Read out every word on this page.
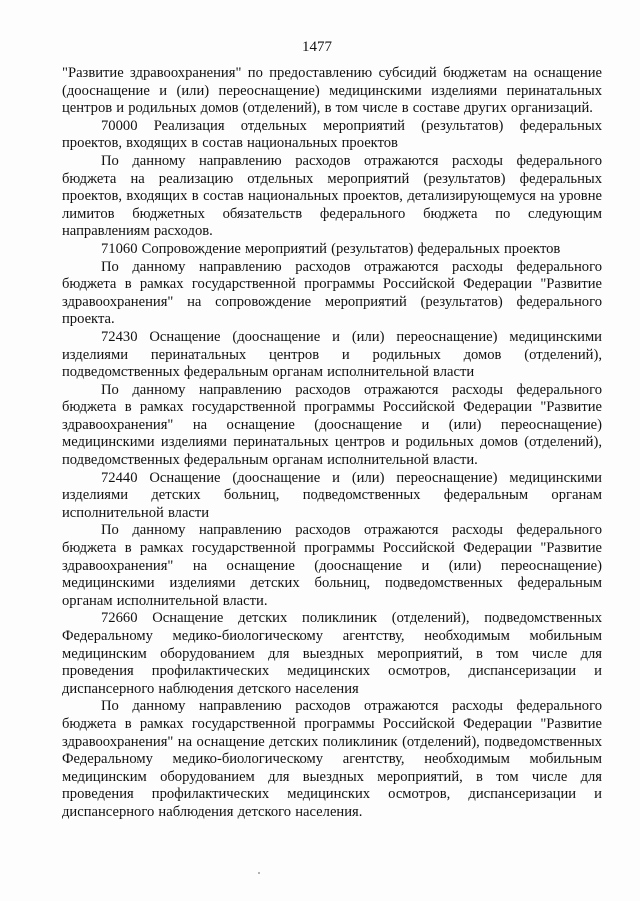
1477

"Развитие здравоохранения" по предоставлению субсидий бюджетам на оснащение (дооснащение и (или) переоснащение) медицинскими изделиями перинатальных центров и родильных домов (отделений), в том числе в составе других организаций.

70000 Реализация отдельных мероприятий (результатов) федеральных проектов, входящих в состав национальных проектов

По данному направлению расходов отражаются расходы федерального бюджета на реализацию отдельных мероприятий (результатов) федеральных проектов, входящих в состав национальных проектов, детализирующемуся на уровне лимитов бюджетных обязательств федерального бюджета по следующим направлениям расходов.

71060 Сопровождение мероприятий (результатов) федеральных проектов

По данному направлению расходов отражаются расходы федерального бюджета в рамках государственной программы Российской Федерации "Развитие здравоохранения" на сопровождение мероприятий (результатов) федерального проекта.

72430 Оснащение (дооснащение и (или) переоснащение) медицинскими изделиями перинатальных центров и родильных домов (отделений), подведомственных федеральным органам исполнительной власти

По данному направлению расходов отражаются расходы федерального бюджета в рамках государственной программы Российской Федерации "Развитие здравоохранения" на оснащение (дооснащение и (или) переоснащение) медицинскими изделиями перинатальных центров и родильных домов (отделений), подведомственных федеральным органам исполнительной власти.

72440 Оснащение (дооснащение и (или) переоснащение) медицинскими изделиями детских больниц, подведомственных федеральным органам исполнительной власти

По данному направлению расходов отражаются расходы федерального бюджета в рамках государственной программы Российской Федерации "Развитие здравоохранения" на оснащение (дооснащение и (или) переоснащение) медицинскими изделиями детских больниц, подведомственных федеральным органам исполнительной власти.

72660 Оснащение детских поликлиник (отделений), подведомственных Федеральному медико-биологическому агентству, необходимым мобильным медицинским оборудованием для выездных мероприятий, в том числе для проведения профилактических медицинских осмотров, диспансеризации и диспансерного наблюдения детского населения

По данному направлению расходов отражаются расходы федерального бюджета в рамках государственной программы Российской Федерации "Развитие здравоохранения" на оснащение детских поликлиник (отделений), подведомственных Федеральному медико-биологическому агентству, необходимым мобильным медицинским оборудованием для выездных мероприятий, в том числе для проведения профилактических медицинских осмотров, диспансеризации и диспансерного наблюдения детского населения.
